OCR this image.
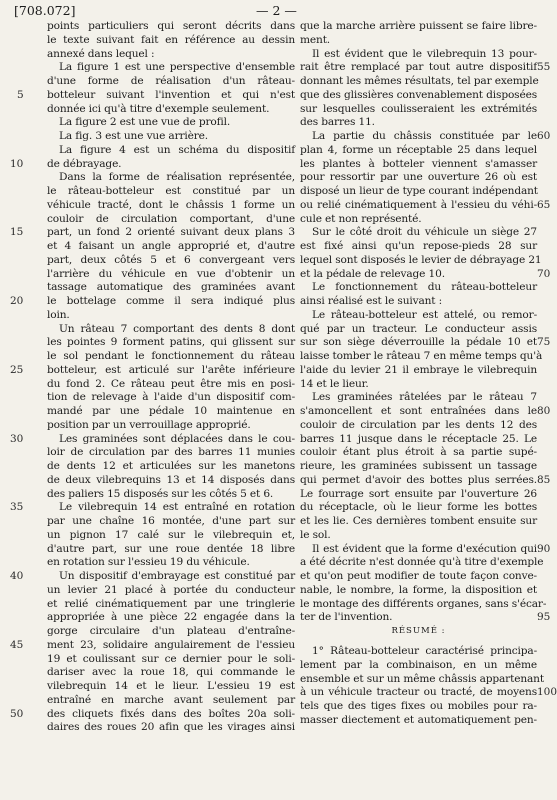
[708.072]	— 2 —
points particuliers qui seront décrits dans
le texte suivant fait en référence au dessin
annexé dans lequel :
La figure 1 est une perspective d'ensemble
d'une forme de réalisation d'un râteau-
botteleur suivant l'invention et qui n'est
donnée ici qu'à titre d'exemple seulement.
La figure 2 est une vue de profil.
La fig. 3 est une vue arrière.
La figure 4 est un schéma du dispositif
de débrayage.
Dans la forme de réalisation représentée,
le râteau-botteleur est constitué par un
véhicule tracté, dont le châssis 1 forme un
couloir de circulation comportant, d'une
part, un fond 2 orienté suivant deux plans 3
et 4 faisant un angle approprié et, d'autre
part, deux côtés 5 et 6 convergeant vers
l'arrière du véhicule en vue d'obtenir un
tassage automatique des graminées avant
le bottelage comme il sera indiqué plus
loin.
Un râteau 7 comportant des dents 8 dont
les pointes 9 forment patins, qui glissent sur
le sol pendant le fonctionnement du râteau
botteleur, est articulé sur l'arête inférieure
du fond 2. Ce râteau peut être mis en posi-
tion de relevage à l'aide d'un dispositif com-
mandé par une pédale 10 maintenue en
position par un verrouillage approprié.
Les graminées sont déplacées dans le cou-
loir de circulation par des barres 11 munies
de dents 12 et articulées sur les manetons
de deux vilebrequins 13 et 14 disposés dans
des paliers 15 disposés sur les côtés 5 et 6.
Le vilebrequin 14 est entraîné en rotation
par une chaîne 16 montée, d'une part sur
un pignon 17 calé sur le vilebrequin et,
d'autre part, sur une roue dentée 18 libre
en rotation sur l'essieu 19 du véhicule.
Un dispositif d'embrayage est constitué par
un levier 21 placé à portée du conducteur
et relié cinématiquement par une tringlerie
appropriée à une pièce 22 engagée dans la
gorge circulaire d'un plateau d'entraîne-
ment 23, solidaire angulairement de l'essieu
19 et coulissant sur ce dernier pour le soli-
dariser avec la roue 18, qui commande le
vilebrequin 14 et le lieur. L'essieu 19 est
entraîné en marche avant seulement par
des cliquets fixés dans des boîtes 20a soli-
daires des roues 20 afin que les virages ainsi
que la marche arrière puissent se faire libre-
ment.
Il est évident que le vilebrequin 13 pour-
rait être remplacé par tout autre dispositif
donnant les mêmes résultats, tel par exemple
que des glissières convenablement disposées
sur lesquelles coulisseraient les extrémités
des barres 11.
La partie du châssis constituée par le
plan 4, forme un réceptable 25 dans lequel
les plantes à botteler viennent s'amasser
pour ressortir par une ouverture 26 où est
disposé un lieur de type courant indépendant
ou relié cinématiquement à l'essieu du véhi-
cule et non représenté.
Sur le côté droit du véhicule un siège 27
est fixé ainsi qu'un repose-pieds 28 sur
lequel sont disposés le levier de débrayage 21
et la pédale de relevage 10.
Le fonctionnement du râteau-botteleur
ainsi réalisé est le suivant :
Le râteau-botteleur est attelé, ou remor-
qué par un tracteur. Le conducteur assis
sur son siège déverrouille la pédale 10 et
laisse tomber le râteau 7 en même temps qu'à
l'aide du levier 21 il embraye le vilebrequin
14 et le lieur.
Les graminées râtelées par le râteau 7
s'amoncellent et sont entraînées dans le
couloir de circulation par les dents 12 des
barres 11 jusque dans le réceptacle 25. Le
couloir étant plus étroit à sa partie supé-
rieure, les graminées subissent un tassage
qui permet d'avoir des bottes plus serrées.
Le fourrage sort ensuite par l'ouverture 26
du réceptacle, où le lieur forme les bottes
et les lie. Ces dernières tombent ensuite sur
le sol.
Il est évident que la forme d'exécution qui
a été décrite n'est donnée qu'à titre d'exemple
et qu'on peut modifier de toute façon conve-
nable, le nombre, la forme, la disposition et
le montage des différents organes, sans s'écar-
ter de l'invention.
RÉSUMÉ :
1° Râteau-botteleur caractérisé principa-
lement par la combinaison, en un même
ensemble et sur un même châssis appartenant
à un véhicule tracteur ou tracté, de moyens
tels que des tiges fixes ou mobiles pour ra-
masser diectement et automatiquement pen-
5
10
15
20
25
30
35
40
45
50
55
60
65
70
75
80
85
90
95
100
